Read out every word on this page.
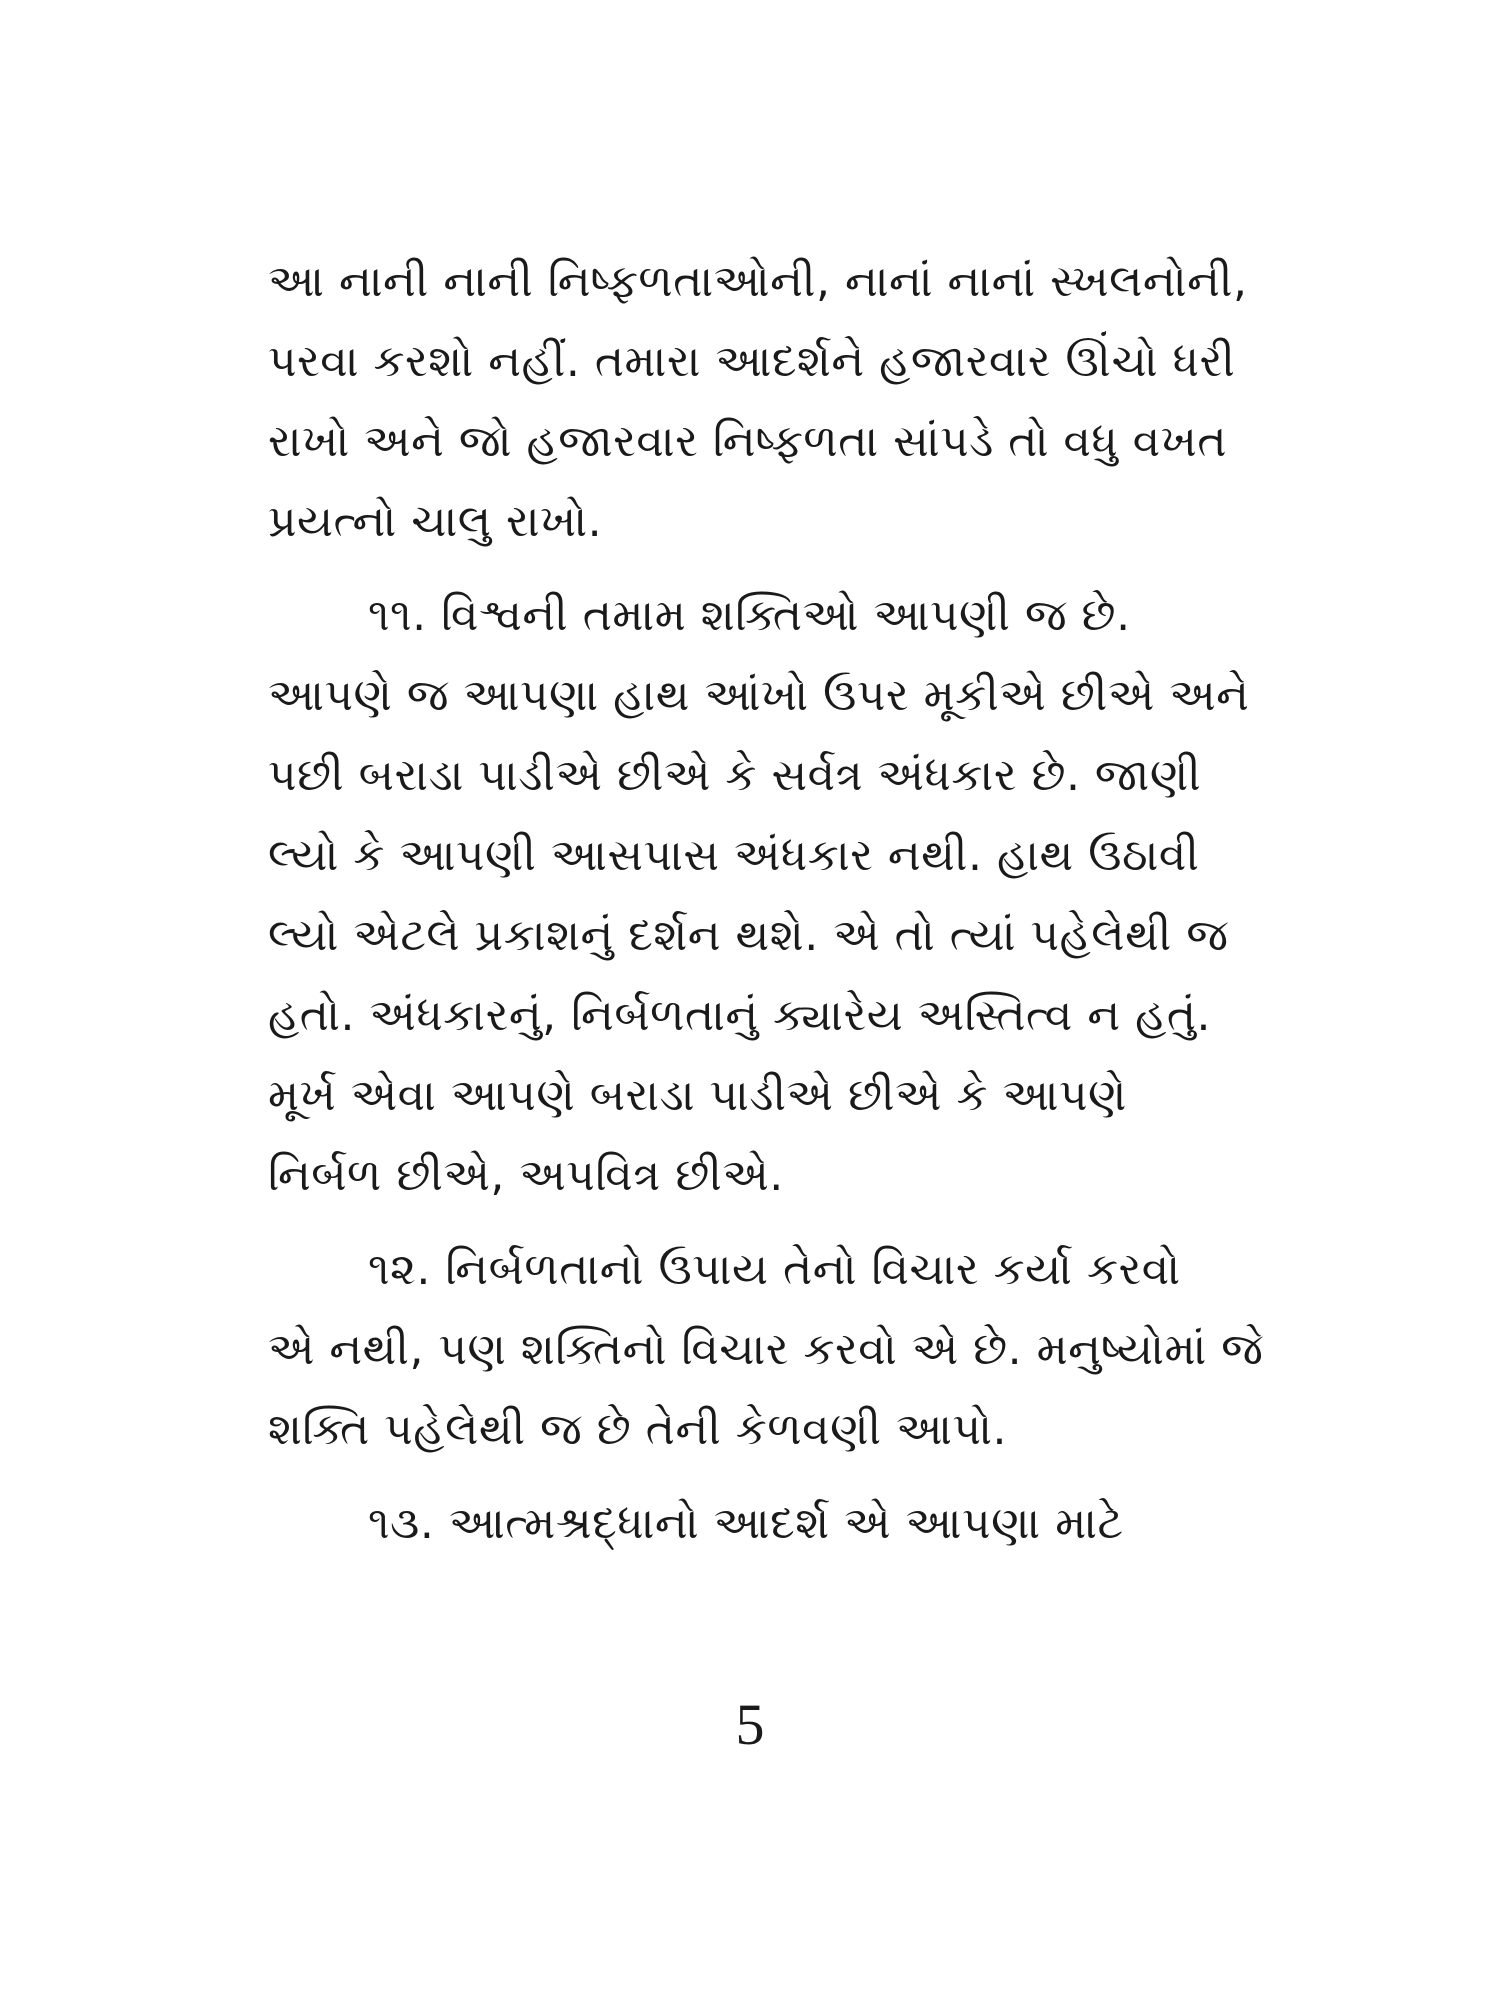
આ નાની નાની નિષ્ફળતાઓની, નાનાં નાનાં સ્ખલનોની,
પરવા કરશો નહીં. તમારા આદર્શને હજારવાર ઊંચો ધરી
રાખો અને જો હજારવાર નિષ્ફળતા સાંપડે તો વધુ વખત
પ્રયત્નો ચાલુ રાખો.
૧૧. વિશ્વની તમામ શક્તિઓ આપણી જ છે.
આપણે જ આપણા હાથ આંખો ઉપર મૂકીએ છીએ અને
પછી બરાડા પાડીએ છીએ કે સર્વત્ર અંધકાર છે. જાણી
લ્યો કે આપણી આસપાસ અંધકાર નથી. હાથ ઉઠાવી
લ્યો એટલે પ્રકાશનું દર્શન થશે. એ તો ત્યાં પહેલેથી જ
હતો. અંધકારનું, નિર્બળતાનું ક્યારેય અસ્તિત્વ ન હતું.
મૂર્ખ એવા આપણે બરાડા પાડીએ છીએ કે આપણે
નિર્બળ છીએ, અપવિત્ર છીએ.
૧૨. નિર્બળતાનો ઉપાય તેનો વિચાર કર્યા કરવો
એ નથી, પણ શક્તિનો વિચાર કરવો એ છે. મનુષ્યોમાં જે
શક્તિ પહેલેથી જ છે તેની કેળવણી આપો.
૧૩. આત્મશ્રદ્ધાનો આદર્શ એ આપણા માટે
5
